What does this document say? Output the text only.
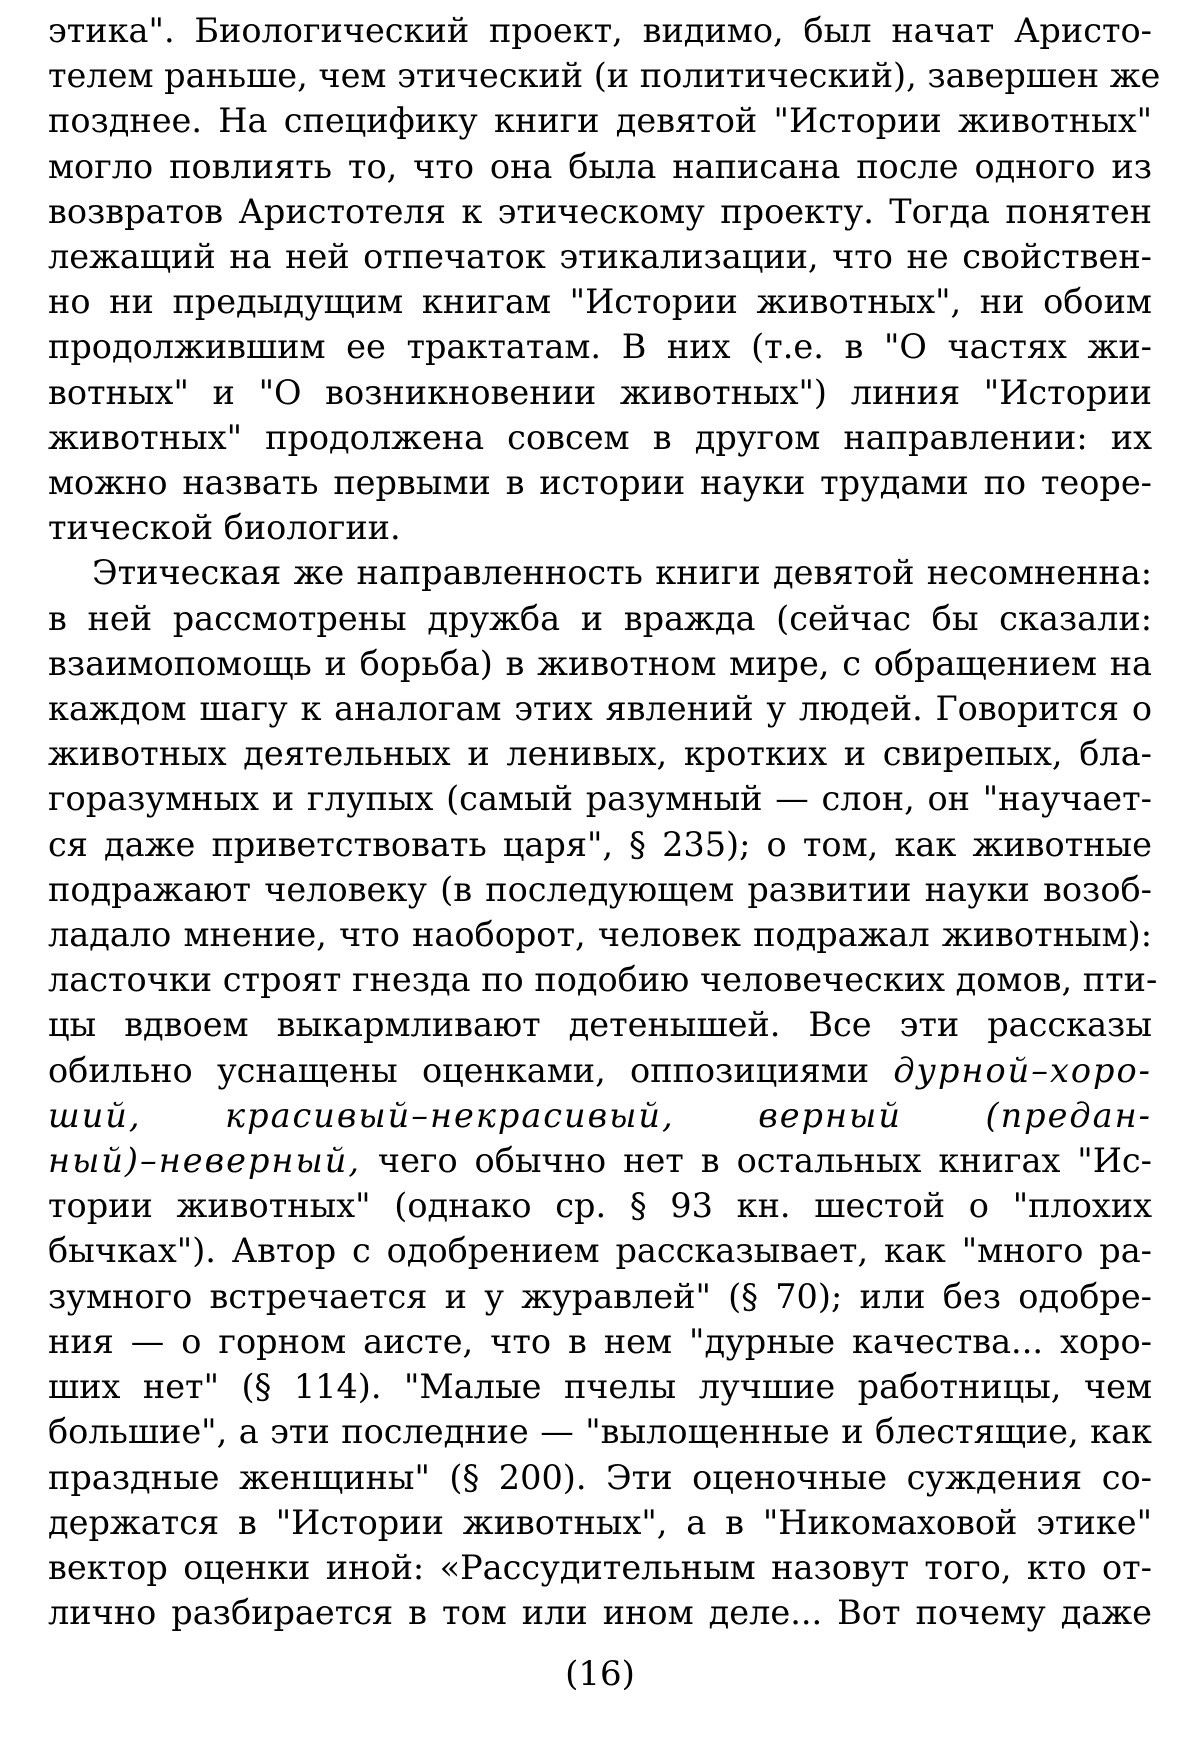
этика". Биологический проект, видимо, был начат Аристо-
телем раньше, чем этический (и политический), завершен же
позднее. На специфику книги девятой "Истории животных"
могло повлиять то, что она была написана после одного из
возвратов Аристотеля к этическому проекту. Тогда понятен
лежащий на ней отпечаток этикализации, что не свойствен-
но ни предыдущим книгам "Истории животных", ни обоим
продолжившим ее трактатам. В них (т.е. в "О частях жи-
вотных" и "О возникновении животных") линия "Истории
животных" продолжена совсем в другом направлении: их
можно назвать первыми в истории науки трудами по теоре-
тической биологии.
Этическая же направленность книги девятой несомненна:
в ней рассмотрены дружба и вражда (сейчас бы сказали:
взаимопомощь и борьба) в животном мире, с обращением на
каждом шагу к аналогам этих явлений у людей. Говорится о
животных деятельных и ленивых, кротких и свирепых, бла-
горазумных и глупых (самый разумный — слон, он "научает-
ся даже приветствовать царя", § 235); о том, как животные
подражают человеку (в последующем развитии науки возоб-
ладало мнение, что наоборот, человек подражал животным):
ласточки строят гнезда по подобию человеческих домов, пти-
цы вдвоем выкармливают детенышей. Все эти рассказы
обильно уснащены оценками, оппозициями дурной–хоро-
ший, красивый–некрасивый, верный (предан-
ный)–неверный, чего обычно нет в остальных книгах "Ис-
тории животных" (однако ср. § 93 кн. шестой о "плохих
бычках"). Автор с одобрением рассказывает, как "много ра-
зумного встречается и у журавлей" (§ 70); или без одобре-
ния — о горном аисте, что в нем "дурные качества... хоро-
ших нет" (§ 114). "Малые пчелы лучшие работницы, чем
большие", а эти последние — "вылощенные и блестящие, как
праздные женщины" (§ 200). Эти оценочные суждения со-
держатся в "Истории животных", а в "Никомаховой этике"
вектор оценки иной: «Рассудительным назовут того, кто от-
лично разбирается в том или ином деле... Вот почему даже
(16)
